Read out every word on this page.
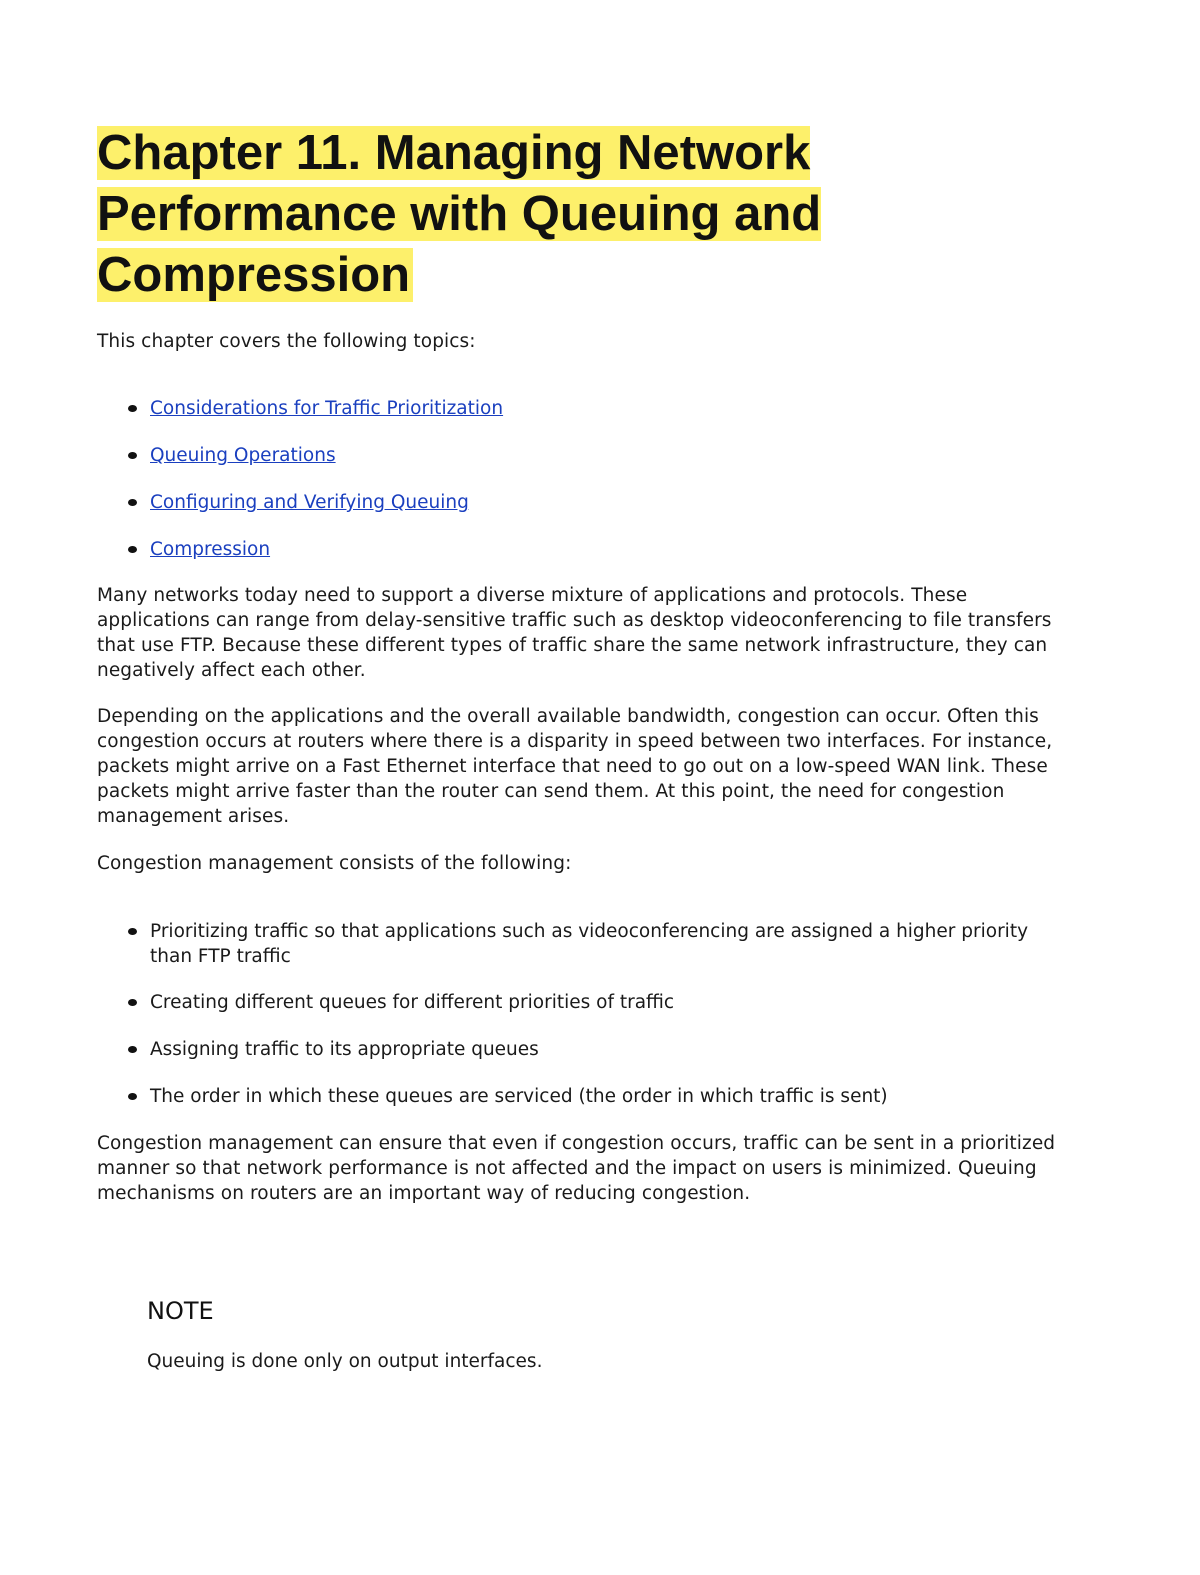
Chapter 11. Managing Network Performance with Queuing and Compression

This chapter covers the following topics:

Considerations for Traffic Prioritization
Queuing Operations
Configuring and Verifying Queuing
Compression

Many networks today need to support a diverse mixture of applications and protocols. These applications can range from delay-sensitive traffic such as desktop videoconferencing to file transfers that use FTP. Because these different types of traffic share the same network infrastructure, they can negatively affect each other.

Depending on the applications and the overall available bandwidth, congestion can occur. Often this congestion occurs at routers where there is a disparity in speed between two interfaces. For instance, packets might arrive on a Fast Ethernet interface that need to go out on a low-speed WAN link. These packets might arrive faster than the router can send them. At this point, the need for congestion management arises.

Congestion management consists of the following:

Prioritizing traffic so that applications such as videoconferencing are assigned a higher priority than FTP traffic
Creating different queues for different priorities of traffic
Assigning traffic to its appropriate queues
The order in which these queues are serviced (the order in which traffic is sent)

Congestion management can ensure that even if congestion occurs, traffic can be sent in a prioritized manner so that network performance is not affected and the impact on users is minimized. Queuing mechanisms on routers are an important way of reducing congestion.

NOTE

Queuing is done only on output interfaces.
